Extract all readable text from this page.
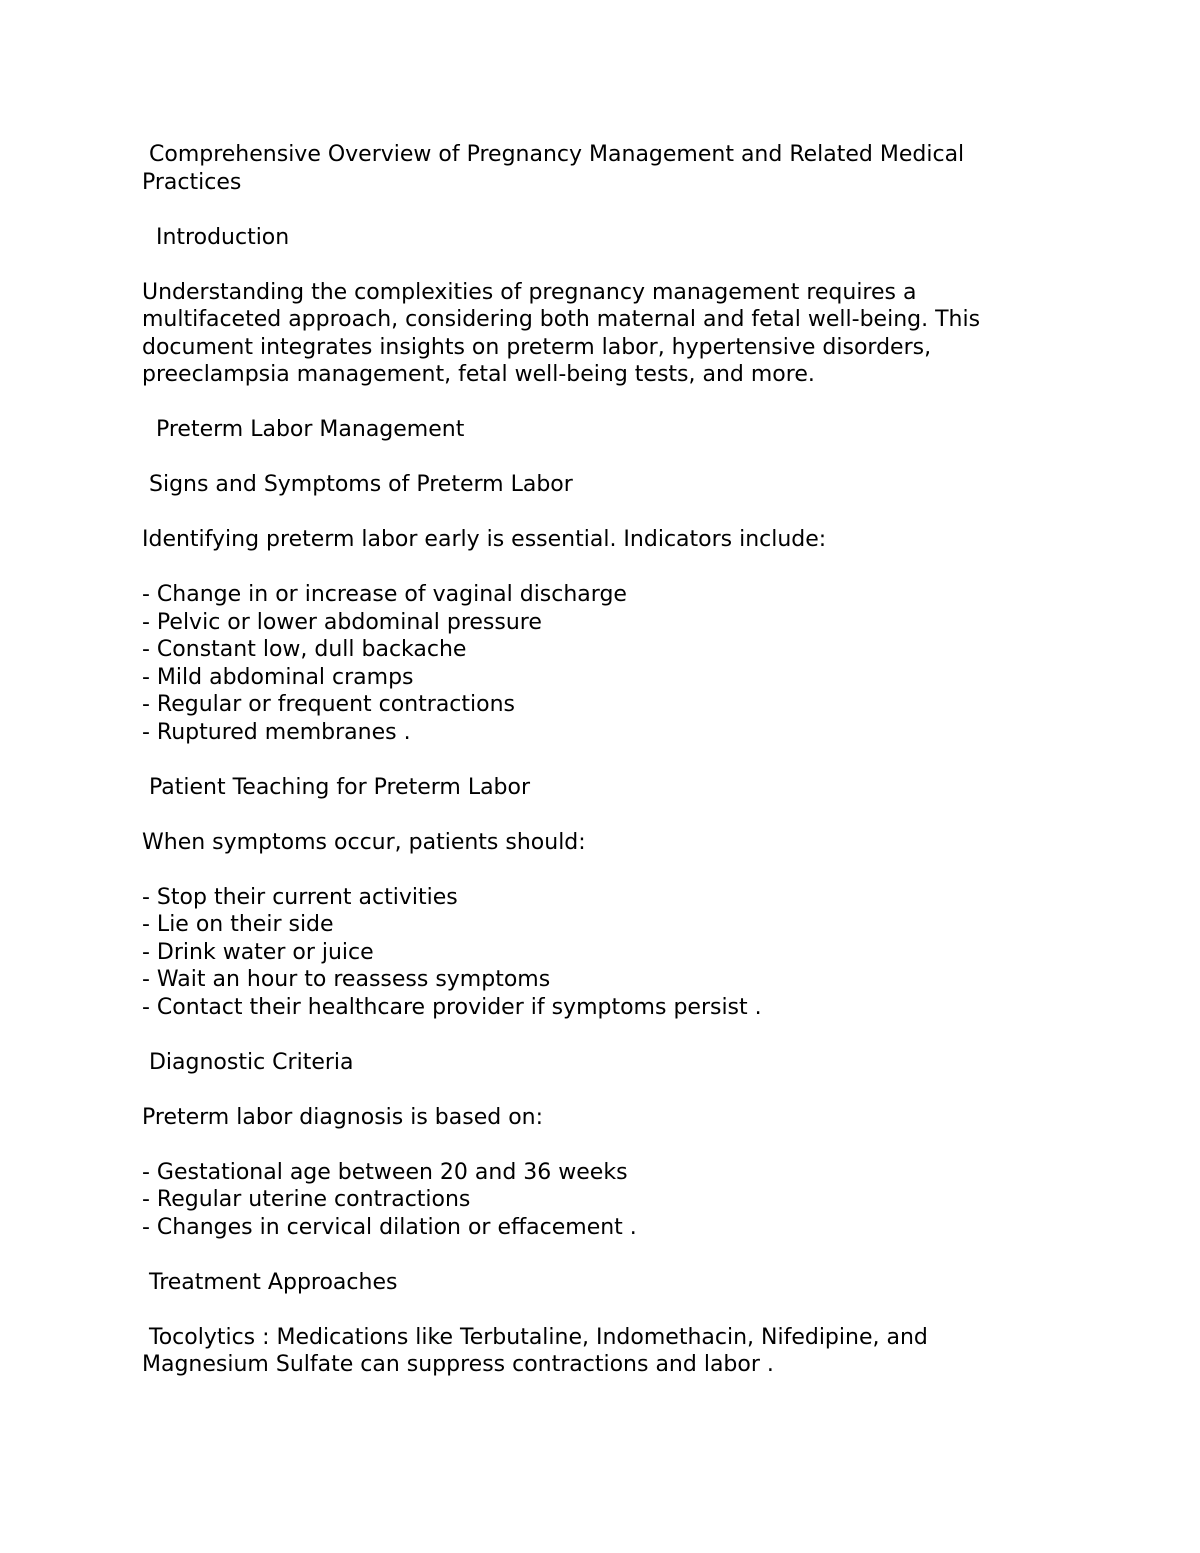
Comprehensive Overview of Pregnancy Management and Related Medical
Practices
Introduction
Understanding the complexities of pregnancy management requires a
multifaceted approach, considering both maternal and fetal well-being. This
document integrates insights on preterm labor, hypertensive disorders,
preeclampsia management, fetal well-being tests, and more.
Preterm Labor Management
Signs and Symptoms of Preterm Labor
Identifying preterm labor early is essential. Indicators include:
- Change in or increase of vaginal discharge
- Pelvic or lower abdominal pressure
- Constant low, dull backache
- Mild abdominal cramps
- Regular or frequent contractions
- Ruptured membranes .
Patient Teaching for Preterm Labor
When symptoms occur, patients should:
- Stop their current activities
- Lie on their side
- Drink water or juice
- Wait an hour to reassess symptoms
- Contact their healthcare provider if symptoms persist .
Diagnostic Criteria
Preterm labor diagnosis is based on:
- Gestational age between 20 and 36 weeks
- Regular uterine contractions
- Changes in cervical dilation or effacement .
Treatment Approaches
Tocolytics : Medications like Terbutaline, Indomethacin, Nifedipine, and
Magnesium Sulfate can suppress contractions and labor .
